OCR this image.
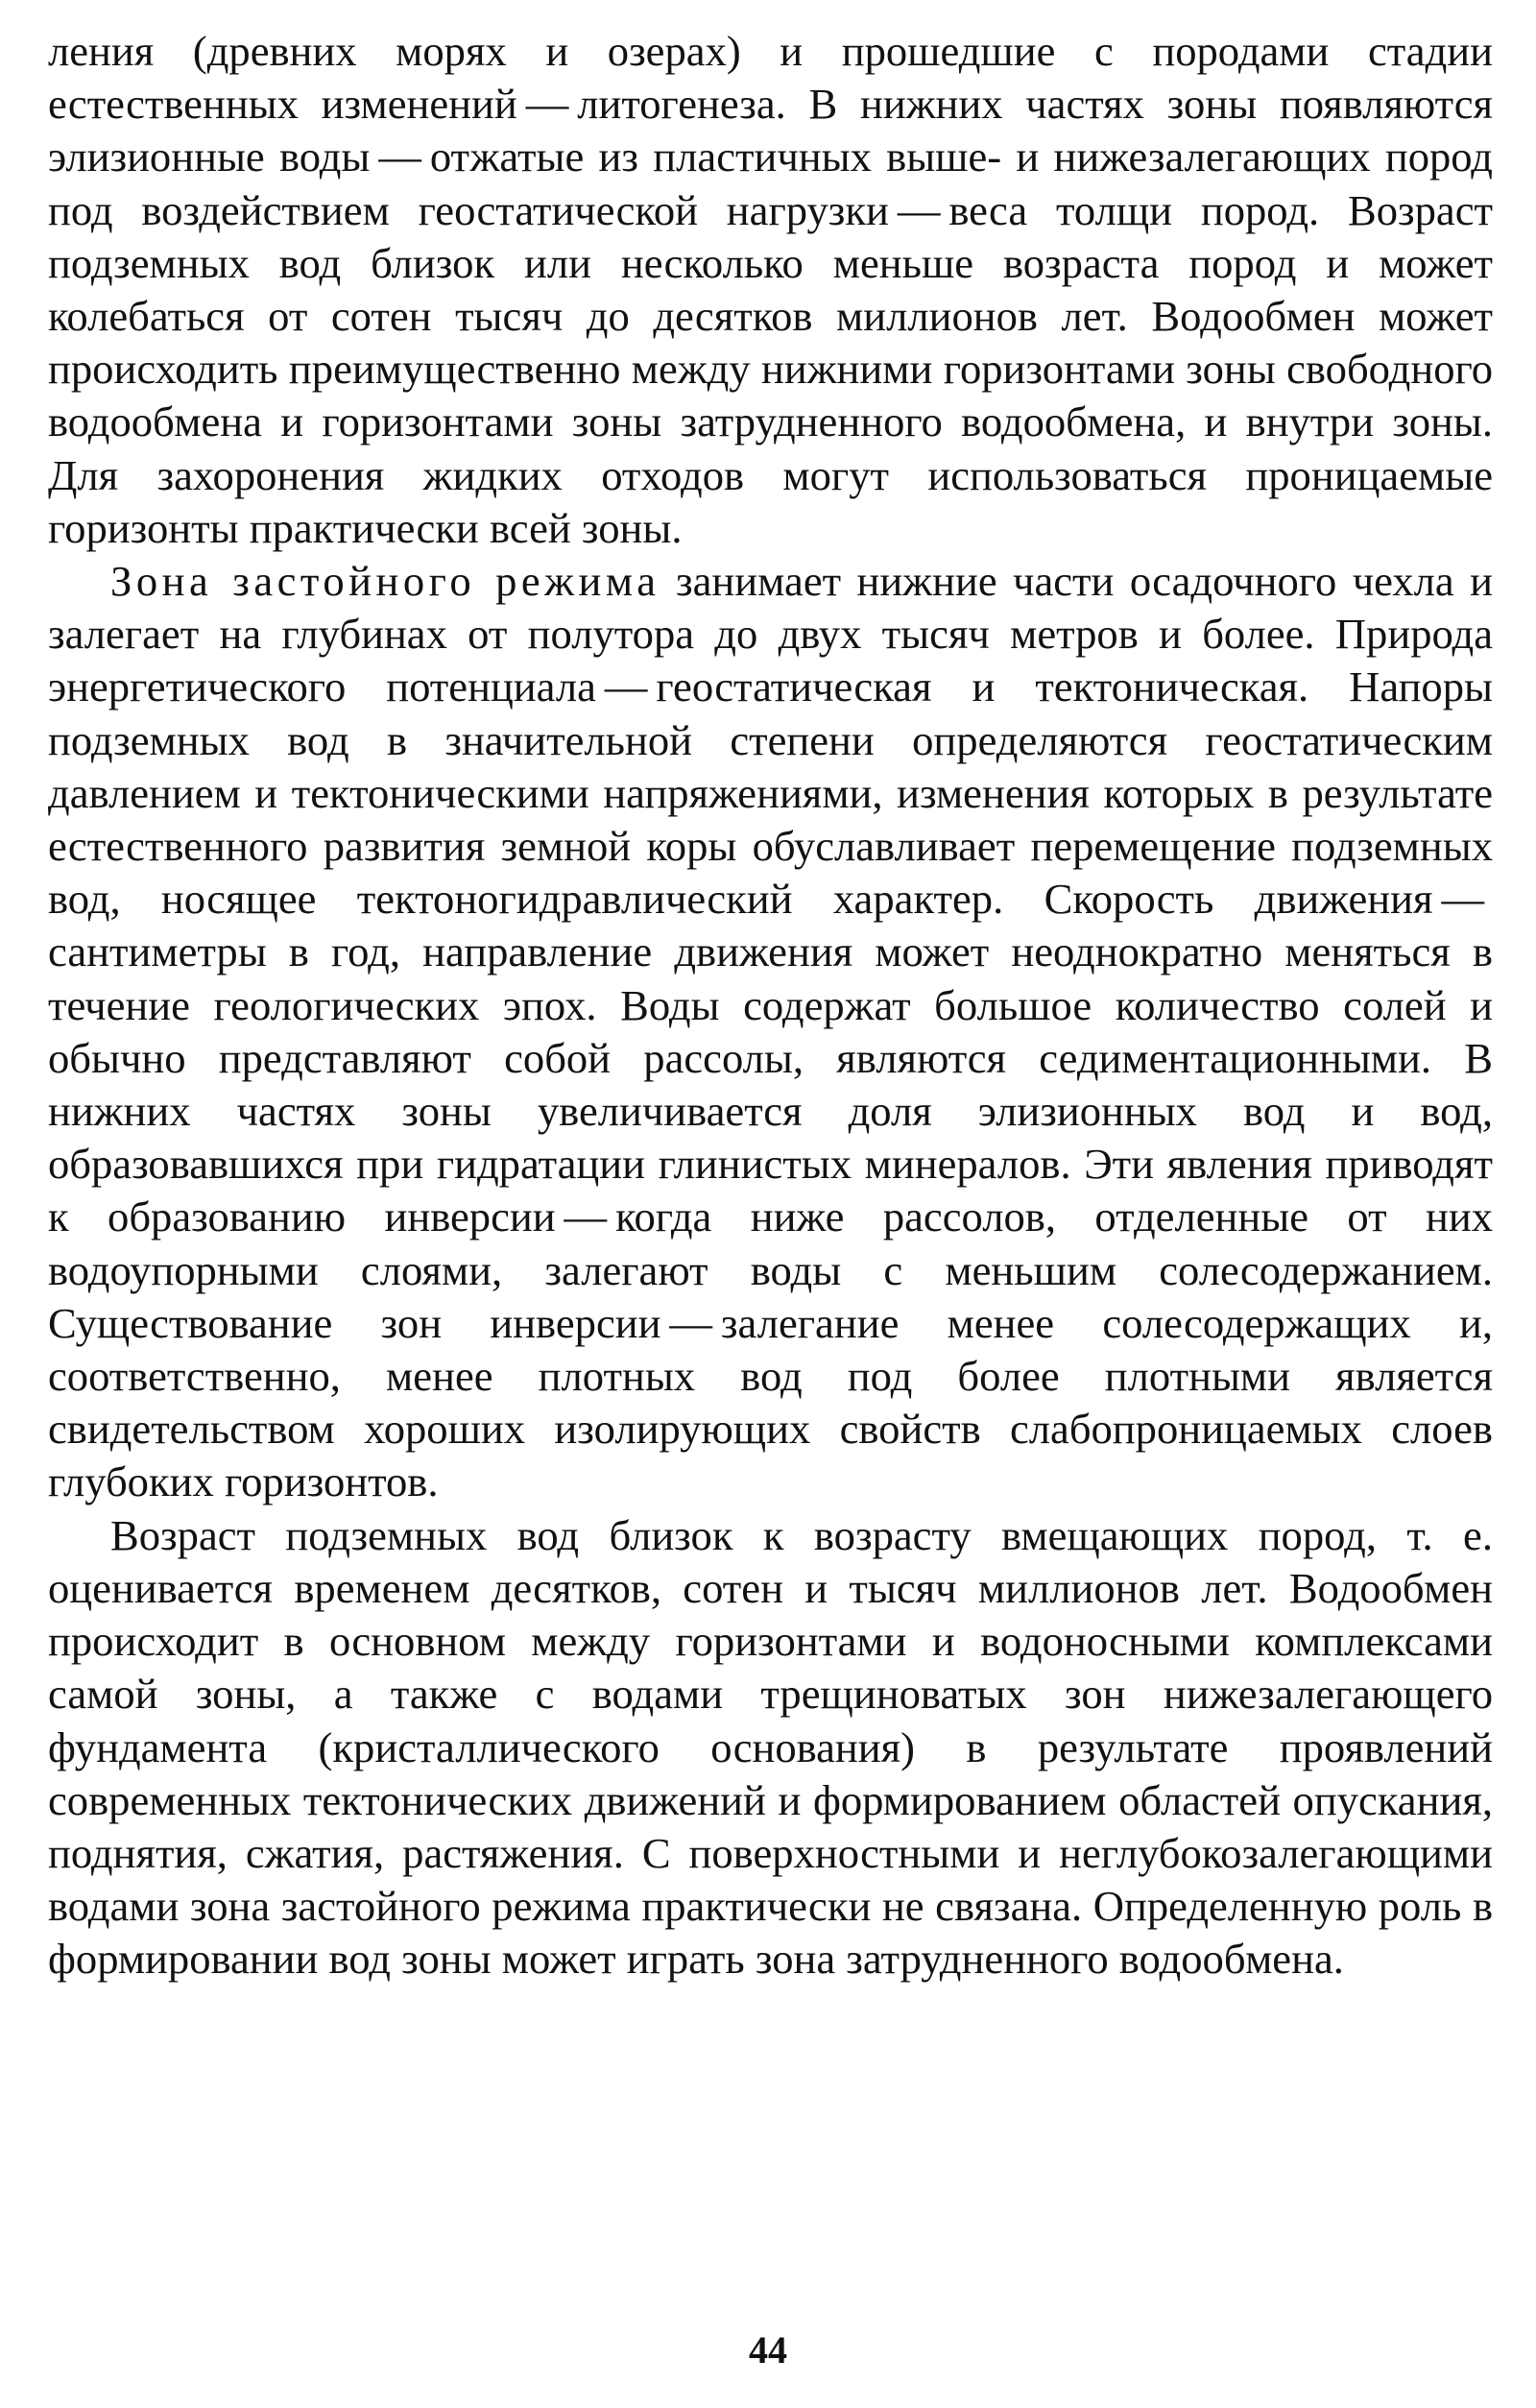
ления (древних морях и озерах) и прошедшие с породами стадии естественных изменений — литогенеза. В нижних частях зоны появляются элизионные воды — отжатые из пластичных выше- и нижезалегающих пород под воздействием геостатической нагрузки — веса толщи пород. Возраст подземных вод близок или несколько меньше возраста пород и может колебаться от сотен тысяч до десятков миллионов лет. Водообмен может происходить преимущественно между нижними горизонтами зоны свободного водообмена и горизонтами зоны затрудненного водообмена, и внутри зоны. Для захоронения жидких отходов могут использоваться проницаемые горизонты практически всей зоны.

Зона застойного режима занимает нижние части осадочного чехла и залегает на глубинах от полутора до двух тысяч метров и более. Природа энергетического потенциала — геостатическая и тектоническая. Напоры подземных вод в значительной степени определяются геостатическим давлением и тектоническими напряжениями, изменения которых в результате естественного развития земной коры обуславливает перемещение подземных вод, носящее тектоногидравлический характер. Скорость движения — сантиметры в год, направление движения может неоднократно меняться в течение геологических эпох. Воды содержат большое количество солей и обычно представляют собой рассолы, являются седиментационными. В нижних частях зоны увеличивается доля элизионных вод и вод, образовавшихся при гидратации глинистых минералов. Эти явления приводят к образованию инверсии — когда ниже рассолов, отделенные от них водоупорными слоями, залегают воды с меньшим солесодержанием. Существование зон инверсии — залегание менее солесодержащих и, соответственно, менее плотных вод под более плотными является свидетельством хороших изолирующих свойств слабопроницаемых слоев глубоких горизонтов.

Возраст подземных вод близок к возрасту вмещающих пород, т. е. оценивается временем десятков, сотен и тысяч миллионов лет. Водообмен происходит в основном между горизонтами и водоносными комплексами самой зоны, а также с водами трещиноватых зон нижезалегающего фундамента (кристаллического основания) в результате проявлений современных тектонических движений и формированием областей опускания, поднятия, сжатия, растяжения. С поверхностными и неглубокозалегающими водами зона застойного режима практически не связана. Определенную роль в формировании вод зоны может играть зона затрудненного водообмена.

44
